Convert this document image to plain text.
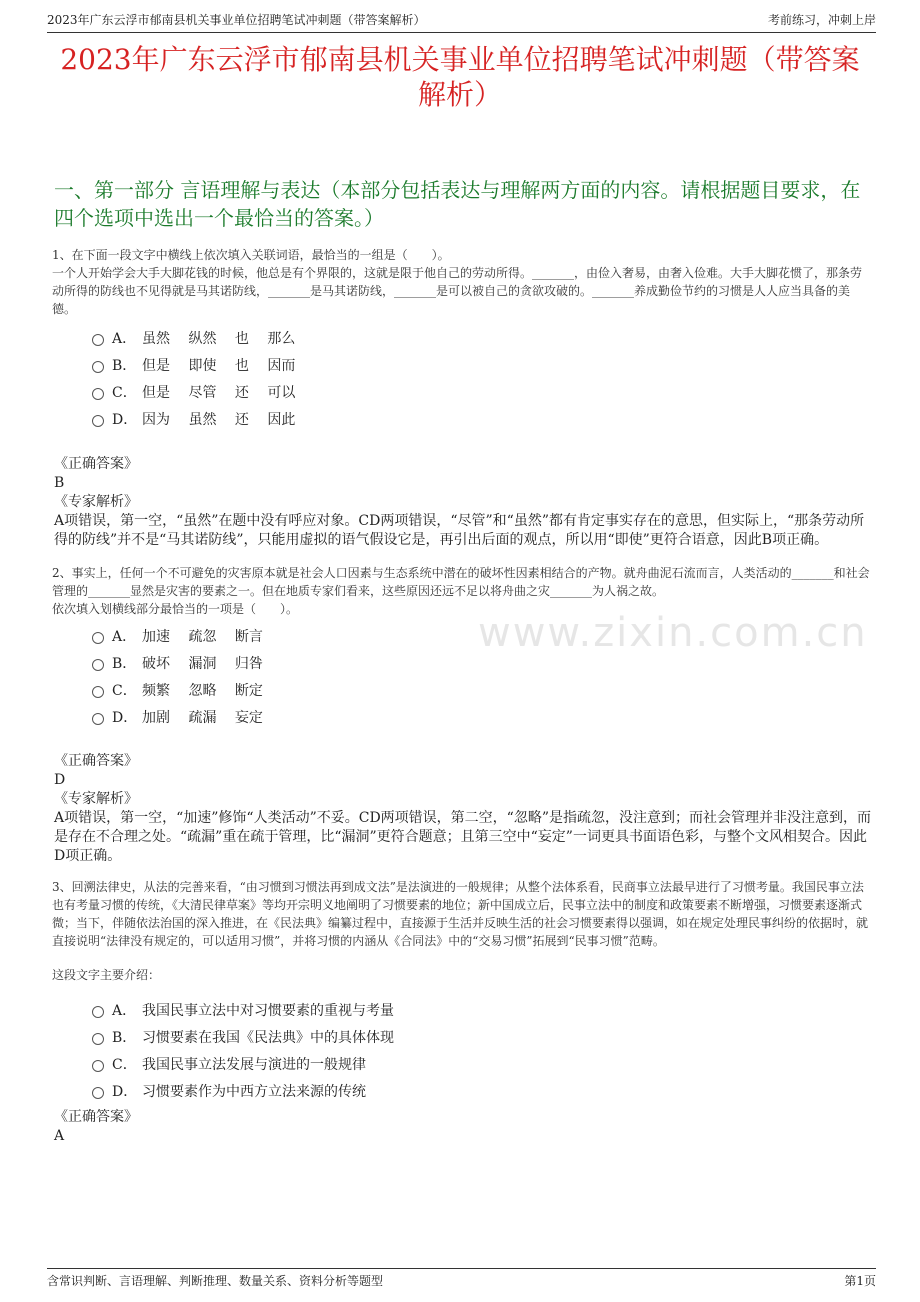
2023年广东云浮市郁南县机关事业单位招聘笔试冲刺题（带答案解析）	考前练习，冲刺上岸
2023年广东云浮市郁南县机关事业单位招聘笔试冲刺题（带答案解析）
一、第一部分 言语理解与表达（本部分包括表达与理解两方面的内容。请根据题目要求，在四个选项中选出一个最恰当的答案。）
www.zixin.com.cn

1、在下面一段文字中横线上依次填入关联词语，最恰当的一组是（　　）。

一个人开始学会大手大脚花钱的时候，他总是有个界限的，这就是限于他自己的劳动所得。_______，由俭入奢易，由奢入俭难。大手大脚花惯了，那条劳动所得的防线也不见得就是马其诺防线，_______是马其诺防线，_______是可以被自己的贪欲攻破的。_______养成勤俭节约的习惯是人人应当具备的美德。

A． 虽然 纵然 也 那么
B． 但是 即使 也 因而
C． 但是 尽管 还 可以
D． 因为 虽然 还 因此
《正确答案》
B
《专家解析》
A项错误，第一空，“虽然”在题中没有呼应对象。CD两项错误，“尽管”和“虽然”都有肯定事实存在的意思，但实际上，“那条劳动所得的防线”并不是“马其诺防线”，只能用虚拟的语气假设它是，再引出后面的观点，所以用“即使”更符合语意，因此B项正确。

2、事实上，任何一个不可避免的灾害原本就是社会人口因素与生态系统中潜在的破坏性因素相结合的产物。就舟曲泥石流而言，人类活动的_______和社会管理的_______显然是灾害的要素之一。但在地质专家们看来，这些原因还远不足以将舟曲之灾_______为人祸之故。

依次填入划横线部分最恰当的一项是（　　）。

A． 加速 疏忽 断言
B． 破坏 漏洞 归咎
C． 频繁 忽略 断定
D． 加剧 疏漏 妄定
《正确答案》
D
《专家解析》
A项错误，第一空，“加速”修饰“人类活动”不妥。CD两项错误，第二空，“忽略”是指疏忽，没注意到；而社会管理并非没注意到，而是存在不合理之处。“疏漏”重在疏于管理，比“漏洞”更符合题意；且第三空中“妄定”一词更具书面语色彩，与整个文风相契合。因此D项正确。

3、回溯法律史，从法的完善来看，“由习惯到习惯法再到成文法”是法演进的一般规律；从整个法体系看，民商事立法最早进行了习惯考量。我国民事立法也有考量习惯的传统，《大清民律草案》等均开宗明义地阐明了习惯要素的地位；新中国成立后，民事立法中的制度和政策要素不断增强，习惯要素逐渐式微；当下，伴随依法治国的深入推进，在《民法典》编纂过程中，直接源于生活并反映生活的社会习惯要素得以强调，如在规定处理民事纠纷的依据时，就直接说明“法律没有规定的，可以适用习惯”，并将习惯的内涵从《合同法》中的“交易习惯”拓展到“民事习惯”范畴。

这段文字主要介绍：

A． 我国民事立法中对习惯要素的重视与考量
B． 习惯要素在我国《民法典》中的具体体现
C． 我国民事立法发展与演进的一般规律
D． 习惯要素作为中西方立法来源的传统
《正确答案》
A
含常识判断、言语理解、判断推理、数量关系、资料分析等题型	第1页
